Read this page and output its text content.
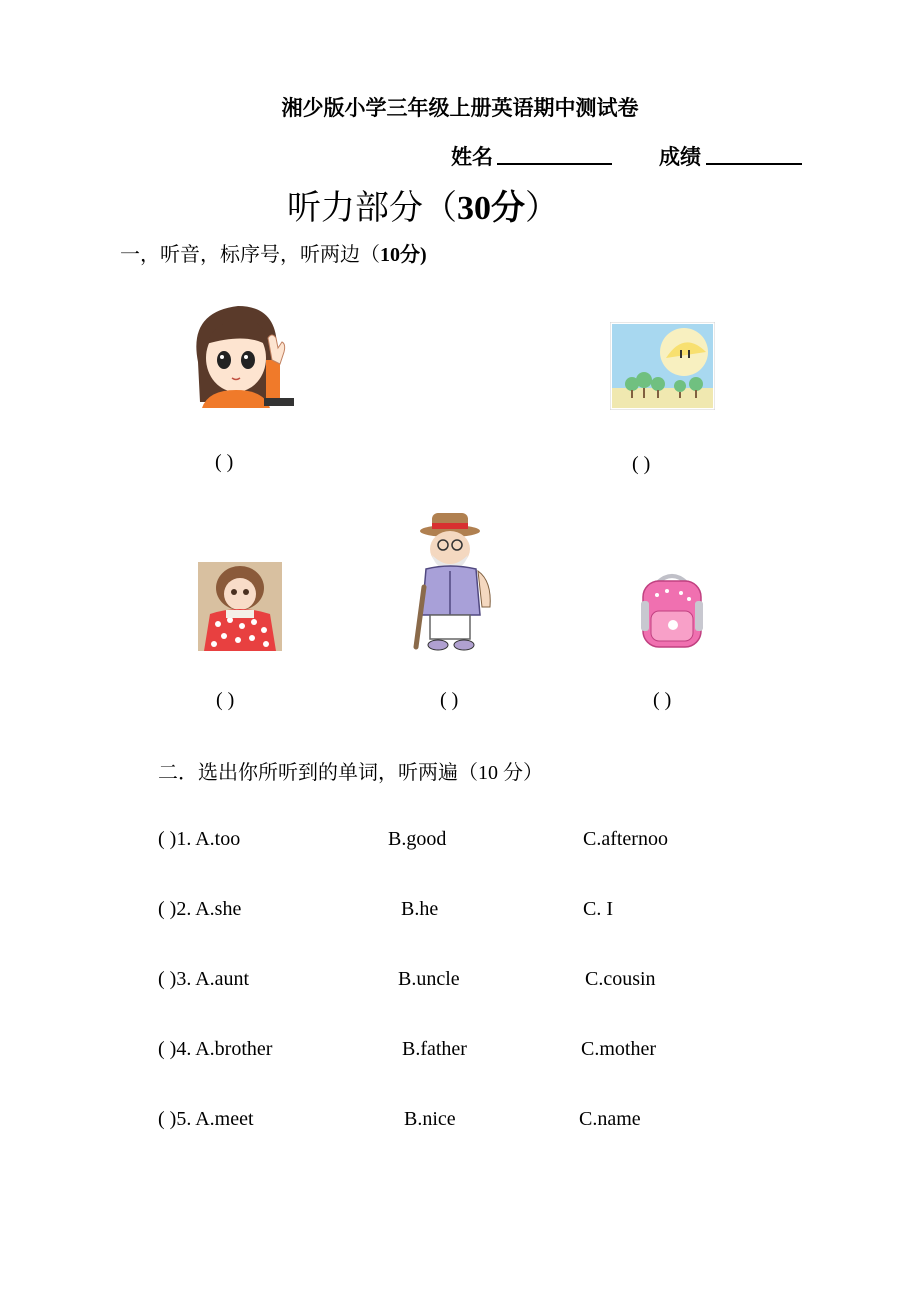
湘少版小学三年级上册英语期中测试卷
姓名	成绩
听力部分（30分）
一，听音，标序号，听两边（10分)
( )	( )
( )	( )	( )
二．选出你所听到的单词，听两遍（10 分）
( )1. A.too	B.good	C.afternoo
( )2. A.she	B.he	C. I
( )3. A.aunt	B.uncle	C.cousin
( )4. A.brother	B.father	C.mother
( )5. A.meet	B.nice	C.name
